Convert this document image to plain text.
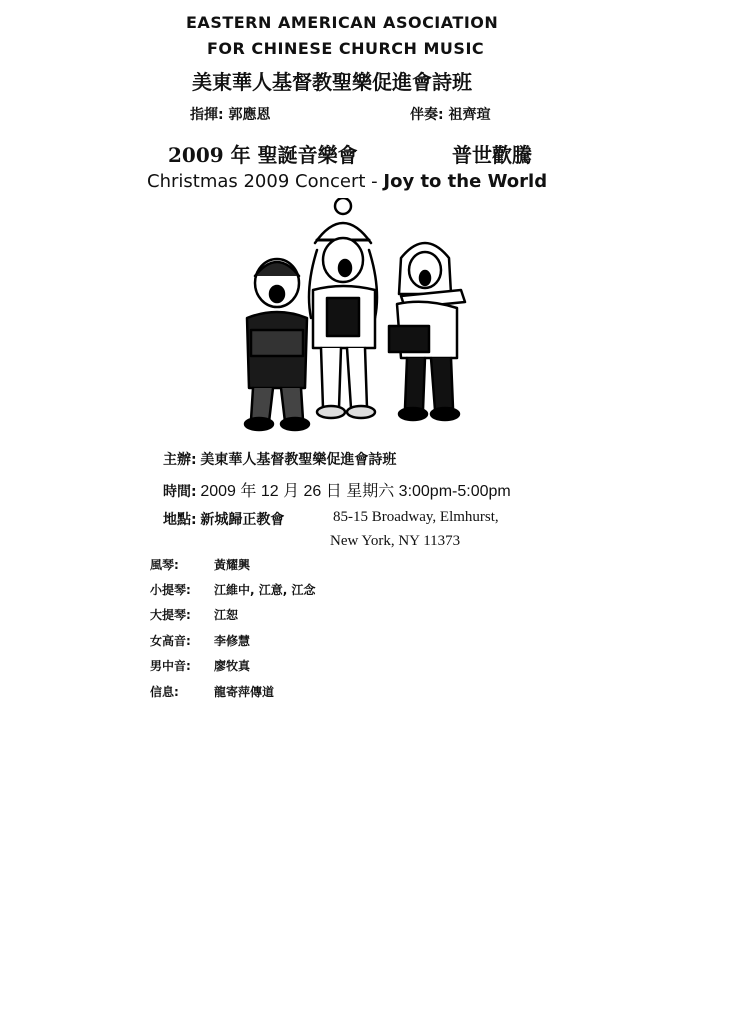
EASTERN AMERICAN ASOCIATION
FOR CHINESE CHURCH MUSIC
美東華人基督教聖樂促進會詩班
指揮: 郭應恩	伴奏: 祖齊瑄
2009 年 聖誕音樂會	普世歡騰
Christmas 2009 Concert - Joy to the World
主辦: 美東華人基督教聖樂促進會詩班
時間: 2009 年 12 月 26 日 星期六 3:00pm-5:00pm
地點: 新城歸正教會	85-15 Broadway, Elmhurst,
New York, NY 11373
風琴:	黃耀興
小提琴: 江維中, 江意, 江念
大提琴: 江恕
女高音: 李修慧
男中音: 廖牧真
信息:	龍寄萍傳道
